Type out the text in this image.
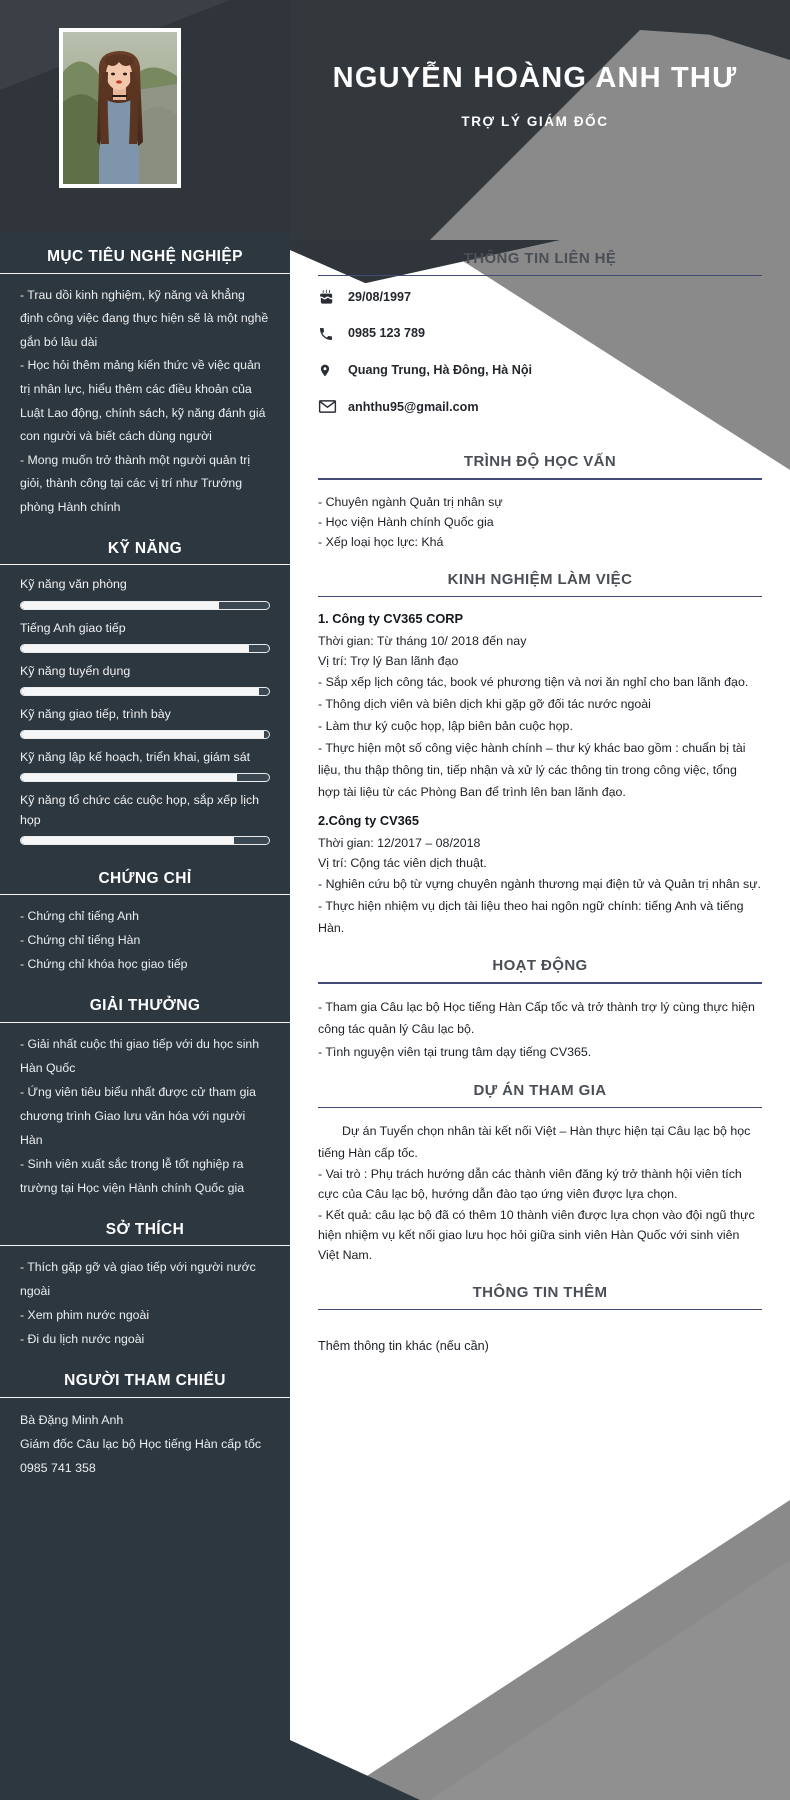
NGUYỄN HOÀNG ANH THƯ
TRỢ LÝ GIÁM ĐỐC
MỤC TIÊU NGHỆ NGHIỆP

- Trau dồi kinh nghiệm, kỹ năng và khẳng định công việc đang thực hiện sẽ là một nghề gắn bó lâu dài

- Học hỏi thêm mảng kiến thức về việc quản trị nhân lực, hiểu thêm các điều khoản của Luật Lao động, chính sách, kỹ năng đánh giá con người và biết cách dùng người

- Mong muốn trở thành một người quản trị giỏi, thành công tại các vị trí như Trưởng phòng Hành chính

KỸ NĂNG
Kỹ năng văn phòng
Tiếng Anh giao tiếp
Kỹ năng tuyển dụng
Kỹ năng giao tiếp, trình bày
Kỹ năng lập kế hoạch, triển khai, giám sát
Kỹ năng tổ chức các cuộc họp, sắp xếp lịch họp
CHỨNG CHỈ
- Chứng chỉ tiếng Anh
- Chứng chỉ tiếng Hàn
- Chứng chỉ khóa học giao tiếp
GIẢI THƯỞNG
- Giải nhất cuộc thi giao tiếp với du học sinh Hàn Quốc
- Ứng viên tiêu biểu nhất được cử tham gia chương trình Giao lưu văn hóa với người Hàn
- Sinh viên xuất sắc trong lễ tốt nghiệp ra trường tại Học viện Hành chính Quốc gia
SỞ THÍCH
- Thích gặp gỡ và giao tiếp với người nước ngoài
- Xem phim nước ngoài
- Đi du lịch nước ngoài
NGƯỜI THAM CHIẾU
Bà Đặng Minh Anh
Giám đốc Câu lạc bộ Học tiếng Hàn cấp tốc
0985 741 358
THÔNG TIN LIÊN HỆ
29/08/1997
0985 123 789
Quang Trung, Hà Đông, Hà Nội
anhthu95@gmail.com
TRÌNH ĐỘ HỌC VẤN
- Chuyên ngành Quản trị nhân sự
- Học viện Hành chính Quốc gia
- Xếp loại học lực: Khá
KINH NGHIỆM LÀM VIỆC
1. Công ty CV365 CORP
Thời gian: Từ tháng 10/ 2018 đến nay
Vị trí: Trợ lý Ban lãnh đạo
- Sắp xếp lịch công tác, book vé phương tiện và nơi ăn nghỉ cho ban lãnh đạo.
- Thông dịch viên và biên dịch khi gặp gỡ đối tác nước ngoài
- Làm thư ký cuộc họp, lập biên bản cuộc họp.
- Thực hiện một số công việc hành chính – thư ký khác bao gồm : chuẩn bị tài liệu, thu thập thông tin, tiếp nhận và xử lý các thông tin trong công việc, tổng hợp tài liệu từ các Phòng Ban để trình lên ban lãnh đạo.
2.Công ty CV365
Thời gian: 12/2017 – 08/2018
Vị trí: Cộng tác viên dịch thuật.
- Nghiên cứu bộ từ vựng chuyên ngành thương mại điện tử và Quản trị nhân sự.
- Thực hiện nhiệm vụ dịch tài liệu theo hai ngôn ngữ chính: tiếng Anh và tiếng Hàn.
HOẠT ĐỘNG
- Tham gia Câu lạc bộ Học tiếng Hàn Cấp tốc và trở thành trợ lý cùng thực hiện công tác quản lý Câu lạc bộ.
- Tình nguyện viên tại trung tâm dạy tiếng CV365.
DỰ ÁN THAM GIA

Dự án Tuyển chọn nhân tài kết nối Việt – Hàn thực hiện tại Câu lạc bộ học tiếng Hàn cấp tốc.

- Vai trò : Phụ trách hướng dẫn các thành viên đăng ký trở thành hội viên tích cực của Câu lạc bộ, hướng dẫn đào tạo ứng viên được lựa chọn.
- Kết quả: câu lạc bộ đã có thêm 10 thành viên được lựa chọn vào đội ngũ thực hiện nhiệm vụ kết nối giao lưu học hỏi giữa sinh viên Hàn Quốc với sinh viên Việt Nam.
THÔNG TIN THÊM
Thêm thông tin khác (nếu cần)
